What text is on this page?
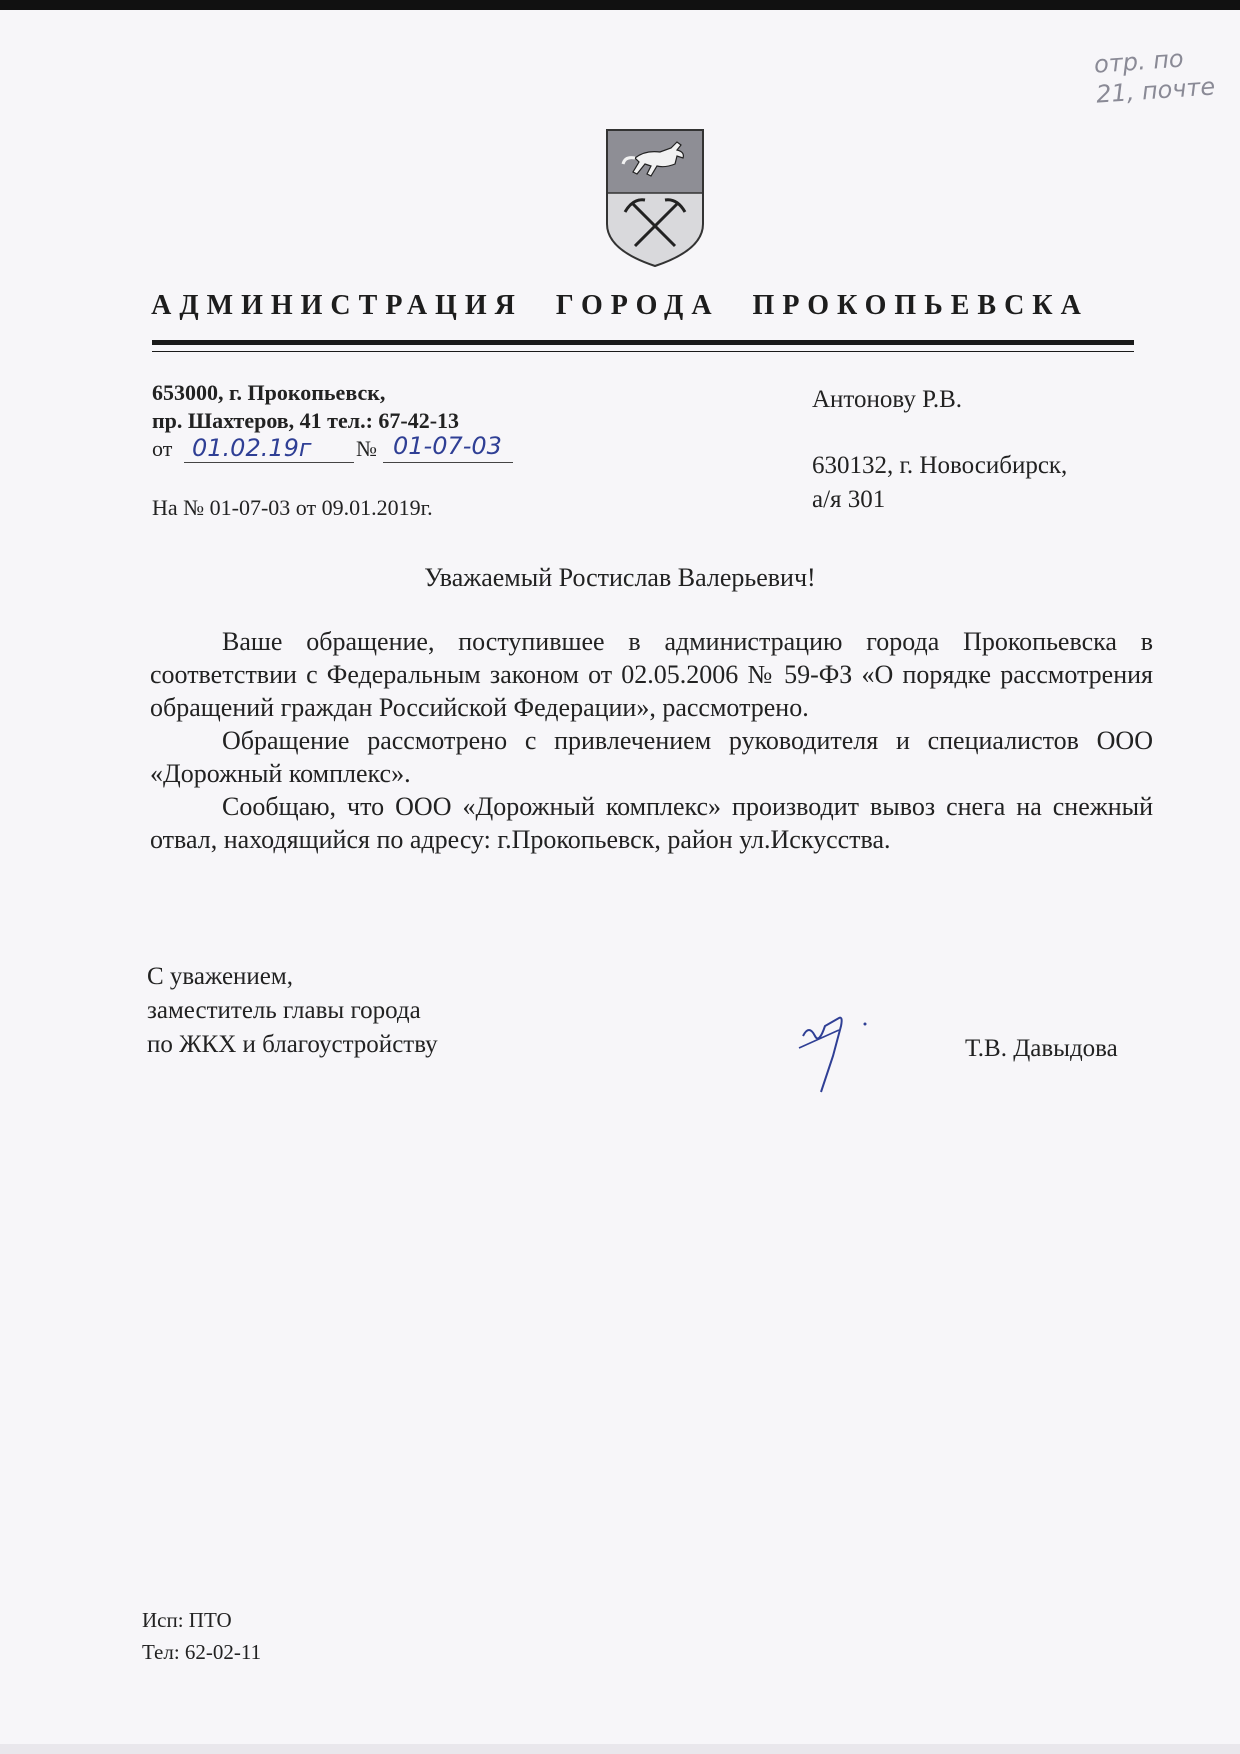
отр. по
21, почте
АДМИНИСТРАЦИЯ ГОРОДА ПРОКОПЬЕВСКА
653000, г. Прокопьевск,
пр. Шахтеров, 41 тел.: 67-42-13
от 01.02.19г	№ 01-07-03
На № 01-07-03 от 09.01.2019г.
Антонову Р.В.
630132, г. Новосибирск,
а/я 301
Уважаемый Ростислав Валерьевич!

Ваше обращение, поступившее в администрацию города Прокопьевска в соответствии с Федеральным законом от 02.05.2006 № 59-ФЗ «О порядке рассмотрения обращений граждан Российской Федерации», рассмотрено.

Обращение рассмотрено с привлечением руководителя и специалистов ООО «Дорожный комплекс».

Сообщаю, что ООО «Дорожный комплекс» производит вывоз снега на снежный отвал, находящийся по адресу: г.Прокопьевск, район ул.Искусства.

С уважением,
заместитель главы города
по ЖКХ и благоустройству	Т.В. Давыдова
Исп: ПТО
Тел: 62-02-11
